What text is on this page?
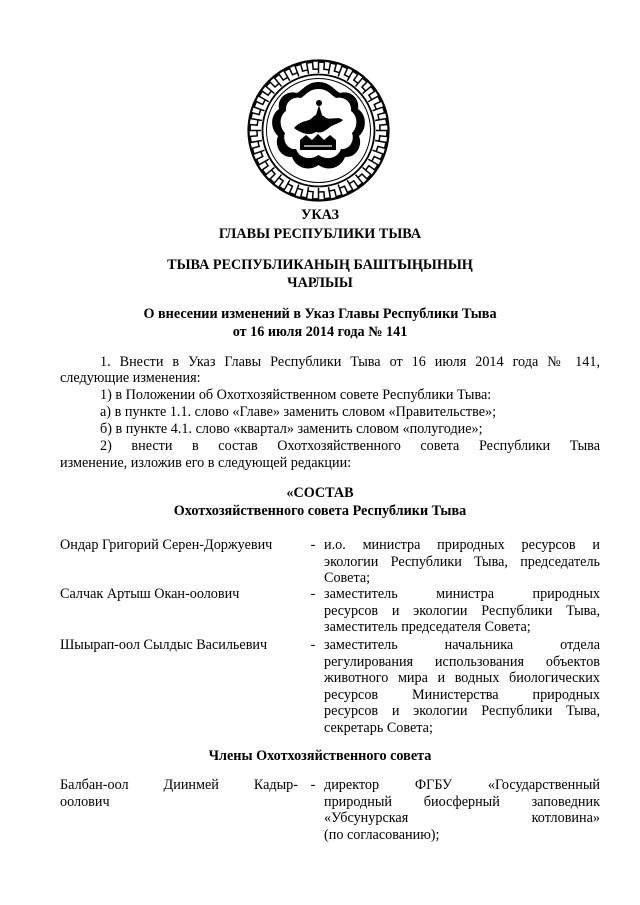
УКАЗ
ГЛАВЫ РЕСПУБЛИКИ ТЫВА
ТЫВА РЕСПУБЛИКАНЫҢ БАШТЫҢЫНЫҢ
ЧАРЛЫЫ
О внесении изменений в Указ Главы Республики Тыва
от 16 июля 2014 года № 141
1. Внести в Указ Главы Республики Тыва от 16 июля 2014 года № 141,
следующие изменения:
1) в Положении об Охотхозяйственном совете Республики Тыва:
а) в пункте 1.1. слово «Главе» заменить словом «Правительстве»;
б) в пункте 4.1. слово «квартал» заменить словом «полугодие»;
2) внести в состав Охотхозяйственного совета Республики Тыва
изменение, изложив его в следующей редакции:
«СОСТАВ
Охотхозяйственного совета Республики Тыва
Ондар Григорий Серен-Доржуевич	- и.о. министра природных ресурсов и
экологии Республики Тыва, председатель
Совета;
Салчак Артыш Окан-оолович	- заместитель министра природных
ресурсов и экологии Республики Тыва,
заместитель председателя Совета;
Шыырап-оол Сылдыс Васильевич	- заместитель начальника отдела
регулирования использования объектов
животного мира и водных биологических
ресурсов Министерства природных
ресурсов и экологии Республики Тыва,
секретарь Совета;
Члены Охотхозяйственного совета
Балбан-оол Диинмей Кадыр-
оолович
- директор ФГБУ «Государственный
природный биосферный заповедник
«Убсунурская котловина»
(по согласованию);
